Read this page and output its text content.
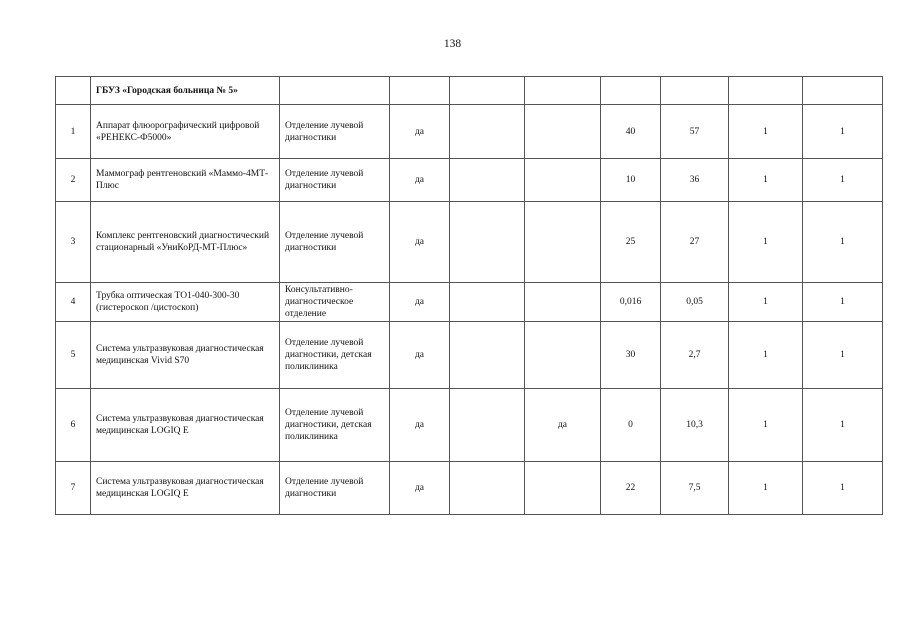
138
	ГБУЗ «Городская больница № 5»								
1	Аппарат флюорографический цифровой «РЕНЕКС-Ф5000»	Отделение лучевой диагностики	да			40	57	1	1
2	Маммограф рентгеновский «Маммо-4МТ-Плюс	Отделение лучевой диагностики	да			10	36	1	1
3	Комплекс рентгеновский диагностический стационарный «УниКоРД-МТ-Плюс»	Отделение лучевой диагностики	да			25	27	1	1
4	Трубка оптическая ТО1-040-300-30 (гистероскоп /цистоскоп)	Консультативно-диагностическое отделение	да			0,016	0,05	1	1
5	Система ультразвуковая диагностическая медицинская Vivid S70	Отделение лучевой диагностики, детская поликлиника	да			30	2,7	1	1
6	Система ультразвуковая диагностическая медицинская LOGIQ E	Отделение лучевой диагностики, детская поликлиника	да		да	0	10,3	1	1
7	Система ультразвуковая диагностическая медицинская LOGIQ E	Отделение лучевой диагностики	да			22	7,5	1	1
